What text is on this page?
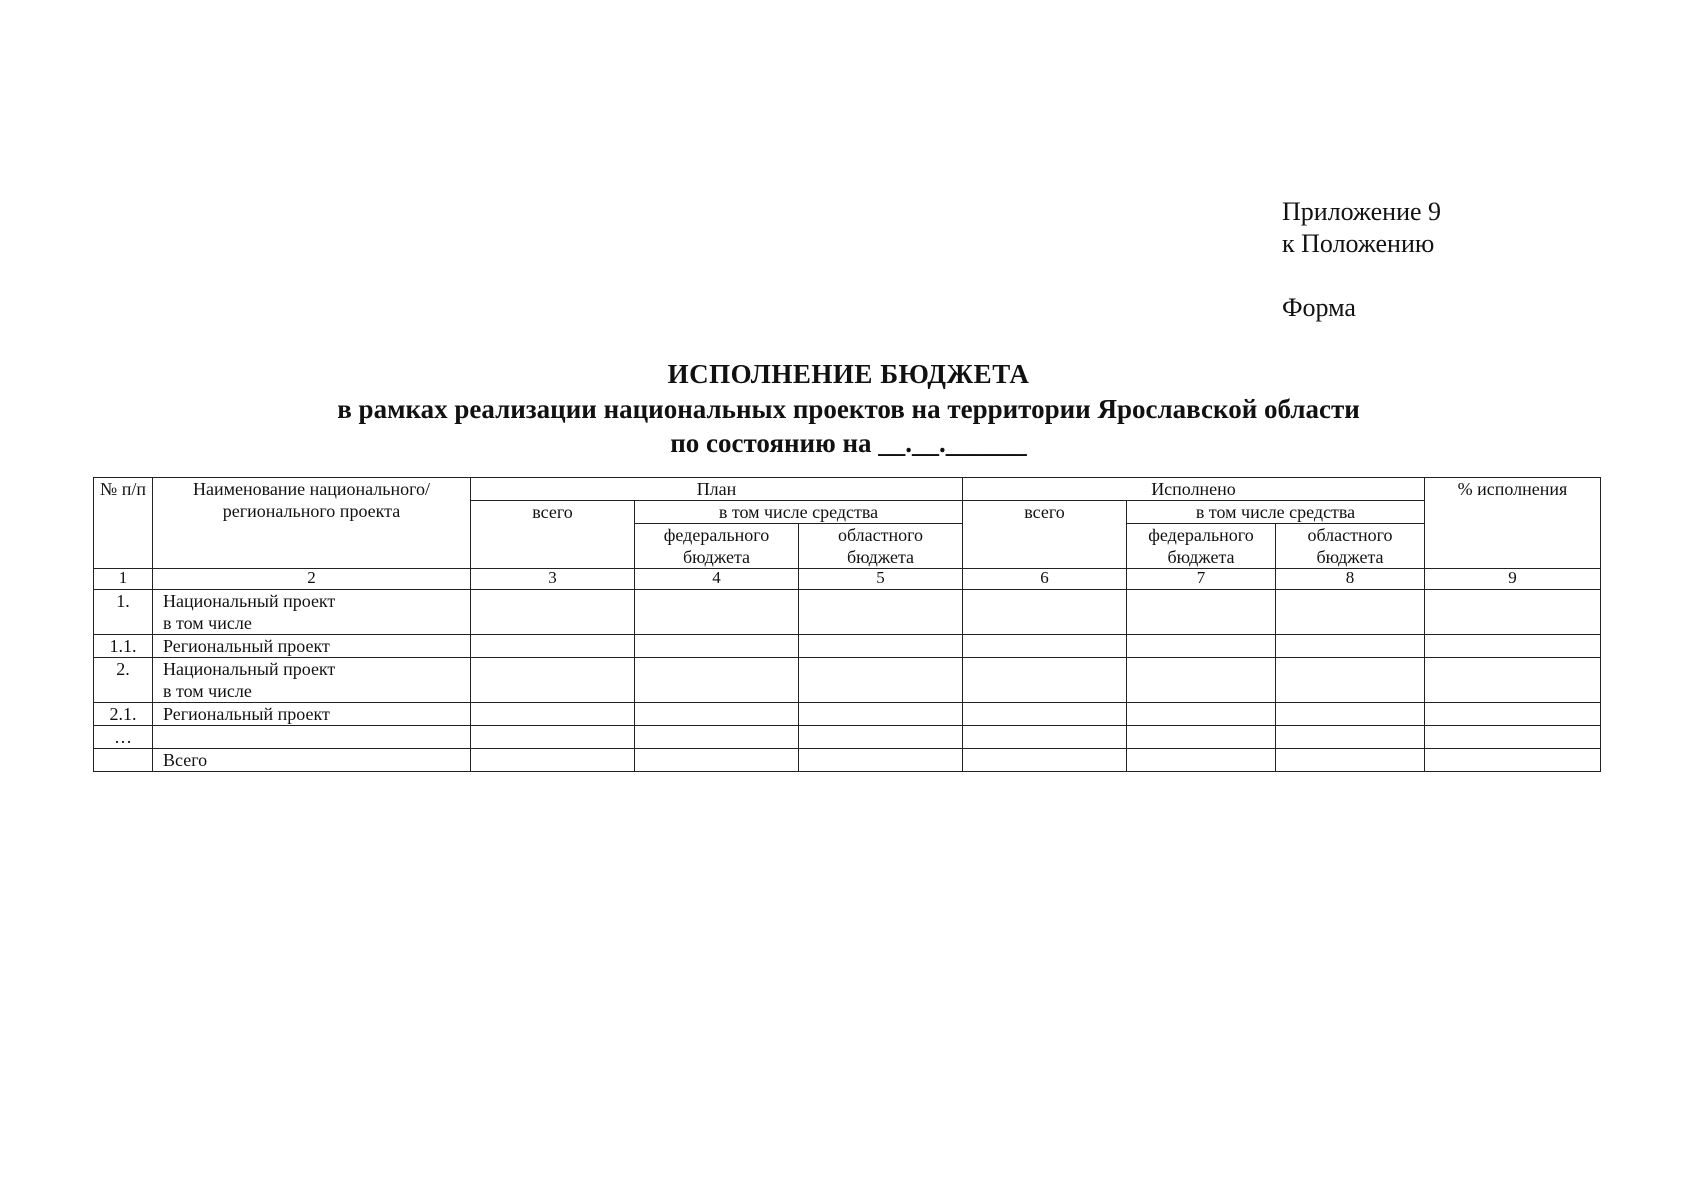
Приложение 9
к Положению
Форма
ИСПОЛНЕНИЕ БЮДЖЕТА
в рамках реализации национальных проектов на территории Ярославской области
по состоянию на __.__.______
№ п/п	Наименование национального/ регионального проекта	План			Исполнено			% исполнения
		всего	в том числе средства		всего	в том числе средства		
			федерального бюджета	областного бюджета		федерального бюджета	областного бюджета	
1	2	3	4	5	6	7	8	9
1.	Национальный проект
в том числе							

1.1.	Региональный проект							
2.	Национальный проект
в том числе							

2.1.	Региональный проект							
…								
	Всего							
